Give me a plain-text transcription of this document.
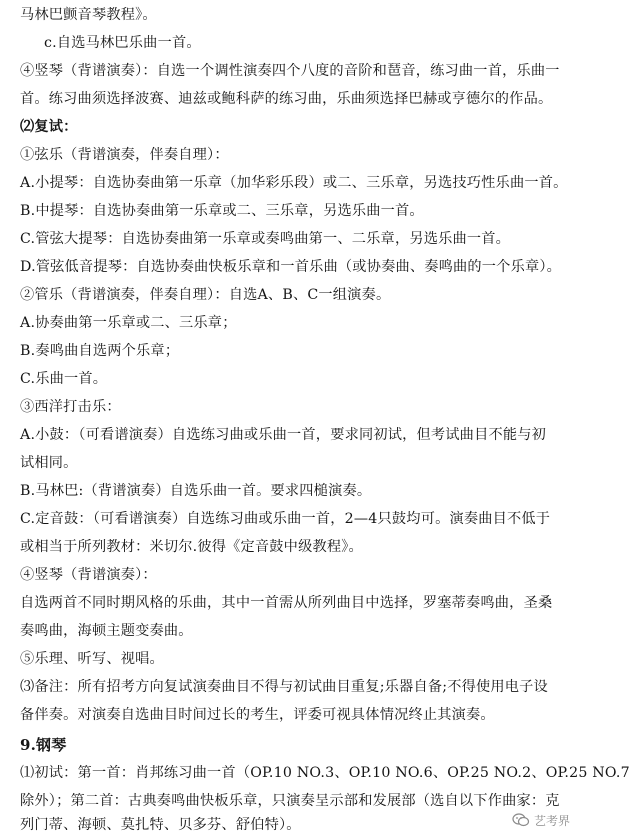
马林巴颤音琴教程》。
c.自选马林巴乐曲一首。
④竖琴（背谱演奏）：自选一个调性演奏四个八度的音阶和琶音，练习曲一首，乐曲一
首。练习曲须选择波赛、迪兹或鲍科萨的练习曲，乐曲须选择巴赫或亨德尔的作品。
⑵复试：
①弦乐（背谱演奏，伴奏自理）：
A.小提琴：自选协奏曲第一乐章（加华彩乐段）或二、三乐章，另选技巧性乐曲一首。
B.中提琴：自选协奏曲第一乐章或二、三乐章，另选乐曲一首。
C.管弦大提琴：自选协奏曲第一乐章或奏鸣曲第一、二乐章，另选乐曲一首。
D.管弦低音提琴：自选协奏曲快板乐章和一首乐曲（或协奏曲、奏鸣曲的一个乐章）。
②管乐（背谱演奏，伴奏自理）：自选A、B、C一组演奏。
A.协奏曲第一乐章或二、三乐章；
B.奏鸣曲自选两个乐章；
C.乐曲一首。
③西洋打击乐：
A.小鼓：（可看谱演奏）自选练习曲或乐曲一首，要求同初试，但考试曲目不能与初
试相同。
B.马林巴:（背谱演奏）自选乐曲一首。要求四槌演奏。
C.定音鼓：（可看谱演奏）自选练习曲或乐曲一首，2—4只鼓均可。演奏曲目不低于
或相当于所列教材：米切尔.彼得《定音鼓中级教程》。
④竖琴（背谱演奏）：
自选两首不同时期风格的乐曲，其中一首需从所列曲目中选择，罗塞蒂奏鸣曲，圣桑
奏鸣曲，海顿主题变奏曲。
⑤乐理、听写、视唱。
⑶备注：所有招考方向复试演奏曲目不得与初试曲目重复;乐器自备;不得使用电子设
备伴奏。对演奏自选曲目时间过长的考生，评委可视具体情况终止其演奏。
9.钢琴
⑴初试：第一首：肖邦练习曲一首（OP.10 NO.3、OP.10 NO.6、OP.25 NO.2、OP.25 NO.7
除外）；第二首：古典奏鸣曲快板乐章，只演奏呈示部和发展部（选自以下作曲家：克
列门蒂、海顿、莫扎特、贝多芬、舒伯特）。	艺考界
